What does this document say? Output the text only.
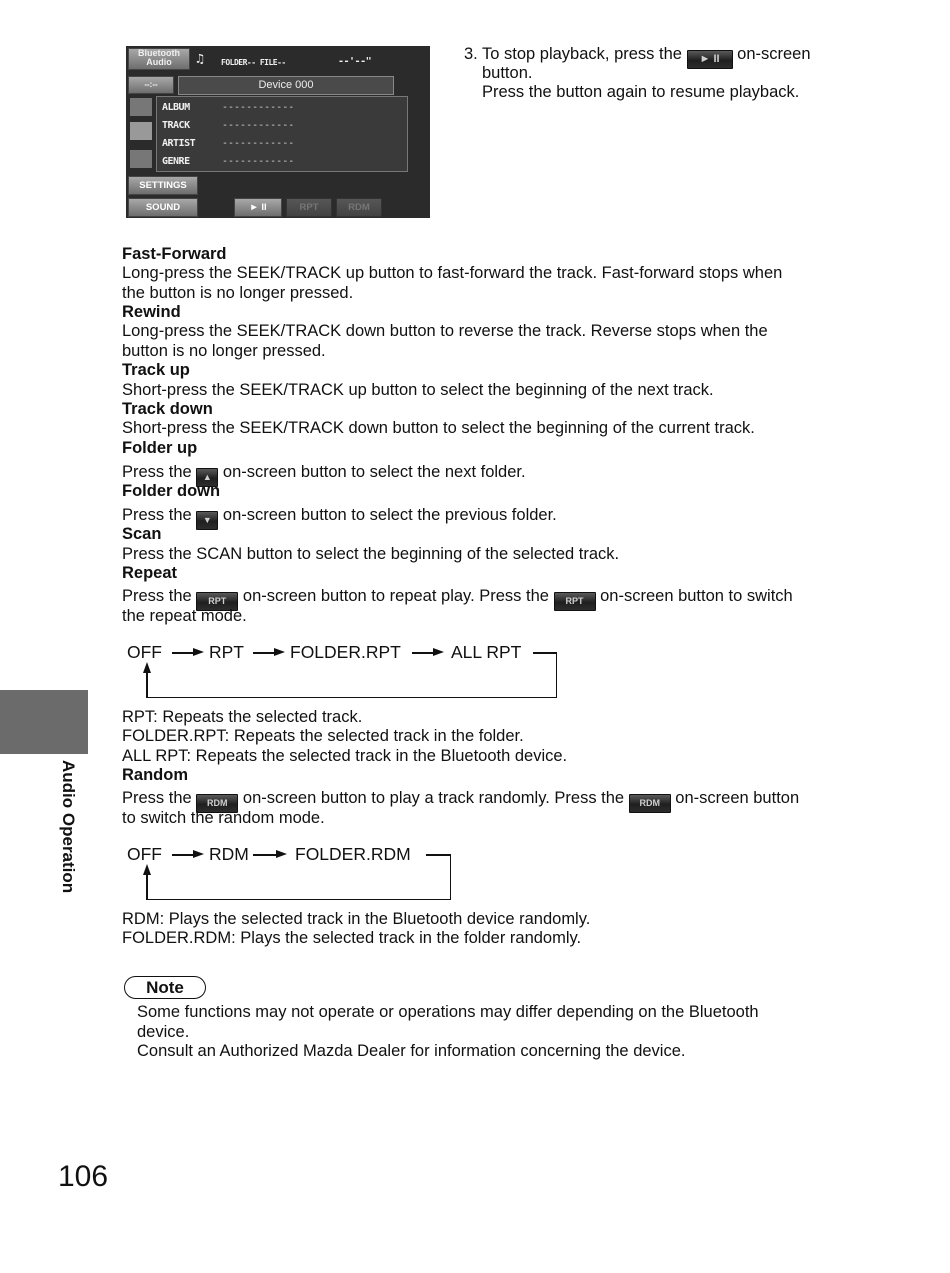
Bluetooth
Audio	♫ FOLDER-- FILE--	--'--"
--:--	Device 000
ALBUM	------------
TRACK	------------
ARTIST	------------
GENRE	------------
SETTINGS
SOUND	► II	RPT	RDM
3. To stop playback, press the ► II on-screen
button.
Press the button again to resume playback.
Fast-Forward
Long-press the SEEK/TRACK up button to fast-forward the track. Fast-forward stops when
the button is no longer pressed.
Rewind
Long-press the SEEK/TRACK down button to reverse the track. Reverse stops when the
button is no longer pressed.
Track up
Short-press the SEEK/TRACK up button to select the beginning of the next track.
Track down
Short-press the SEEK/TRACK down button to select the beginning of the current track.
Folder up
Press the ▲ on-screen button to select the next folder.
Folder down
Press the ▼ on-screen button to select the previous folder.
Scan
Press the SCAN button to select the beginning of the selected track.
Repeat
Press the RPT on-screen button to repeat play. Press the RPT on-screen button to switch
the repeat mode.
OFF	RPT	FOLDER.RPT	ALL RPT
RPT: Repeats the selected track.
FOLDER.RPT: Repeats the selected track in the folder.
ALL RPT: Repeats the selected track in the Bluetooth device.
Random
Press the RDM on-screen button to play a track randomly. Press the RDM on-screen button
to switch the random mode.
OFF	RDM	FOLDER.RDM
RDM: Plays the selected track in the Bluetooth device randomly.
FOLDER.RDM: Plays the selected track in the folder randomly.
Note
Some functions may not operate or operations may differ depending on the Bluetooth
device.
Consult an Authorized Mazda Dealer for information concerning the device.
Audio Operation
106
